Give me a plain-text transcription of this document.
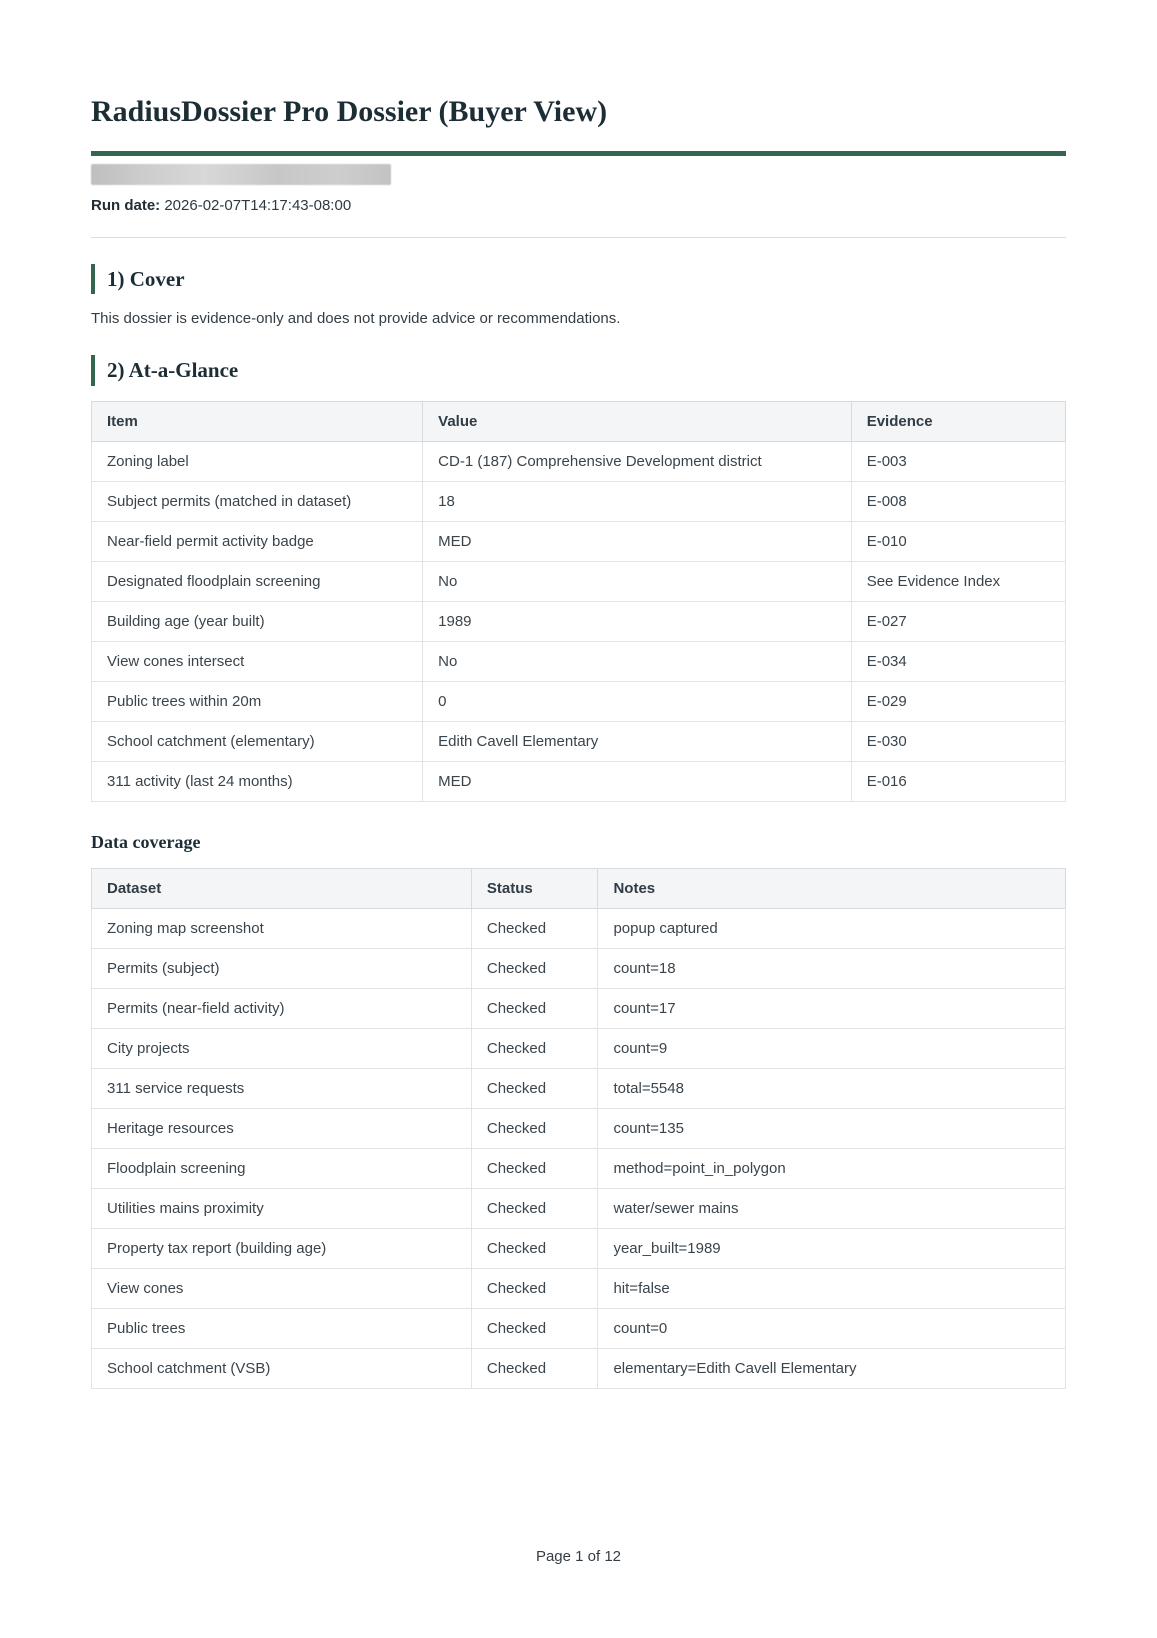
RadiusDossier Pro Dossier (Buyer View)
Run date: 2026-02-07T14:17:43-08:00
1) Cover

This dossier is evidence-only and does not provide advice or recommendations.

2) At-a-Glance
Item	Value	Evidence
Zoning label	CD-1 (187) Comprehensive Development district	E-003
Subject permits (matched in dataset)	18	E-008
Near-field permit activity badge	MED	E-010
Designated floodplain screening	No	See Evidence Index
Building age (year built)	1989	E-027
View cones intersect	No	E-034
Public trees within 20m	0	E-029
School catchment (elementary)	Edith Cavell Elementary	E-030
311 activity (last 24 months)	MED	E-016
Data coverage
Dataset	Status	Notes
Zoning map screenshot	Checked	popup captured
Permits (subject)	Checked	count=18
Permits (near-field activity)	Checked	count=17
City projects	Checked	count=9
311 service requests	Checked	total=5548
Heritage resources	Checked	count=135
Floodplain screening	Checked	method=point_in_polygon
Utilities mains proximity	Checked	water/sewer mains
Property tax report (building age)	Checked	year_built=1989
View cones	Checked	hit=false
Public trees	Checked	count=0
School catchment (VSB)	Checked	elementary=Edith Cavell Elementary
Page 1 of 12
